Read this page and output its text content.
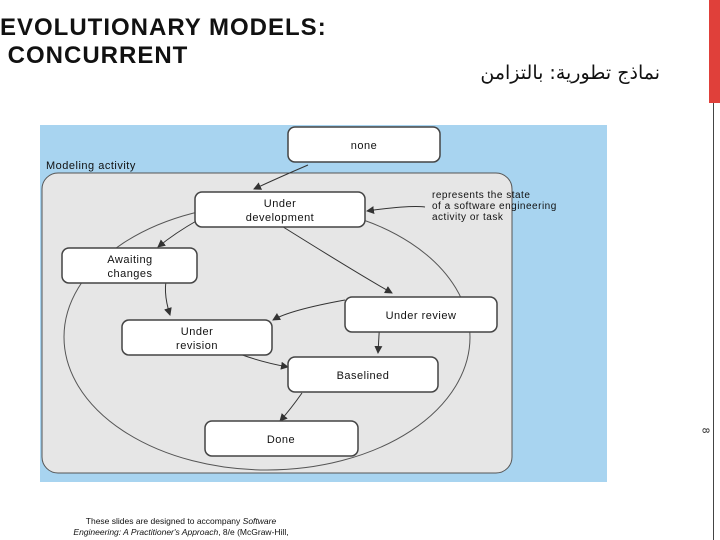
EVOLUTIONARY MODELS:
CONCURRENT
نماذج تطورية: بالتزامن
8
Modeling activity
none
Under
development
Awaiting
changes
Under review
Under
revision
Baselined
Done
represents the state
of a software engineering
activity or task
These slides are designed to accompany Software
Engineering: A Practitioner's Approach, 8/e (McGraw-Hill,
